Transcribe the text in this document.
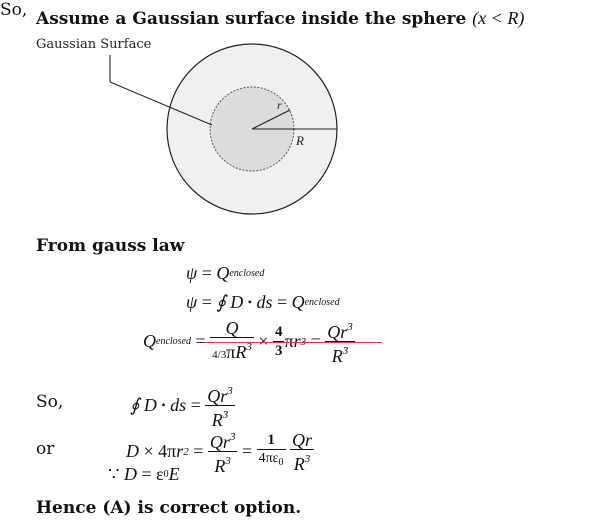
Assume a Gaussian surface inside the sphere (x < R)
Gaussian Surface
r
R
From gauss law
ψ
=
Q enclosed
ψ
=
∮
D
•
ds
=
Q enclosed
Q enclosed
=
$\frac{Q}{4/3\pi R^3}$
×
$\frac{4}{3}$ π r 3
=
$\frac{Qr^3}{R^3}$
So,
So,	∮
D
•
ds
=
$\frac{Qr^3}{R^3}$
or	D
×
4 π r 2
=
$\frac{Qr^3}{R^3}$
=
$\frac{1}{4\pi\varepsilon_0}$
$\frac{Qr}{R^3}$
∵
D
=
ε 0 E
Hence (A) is correct option.
